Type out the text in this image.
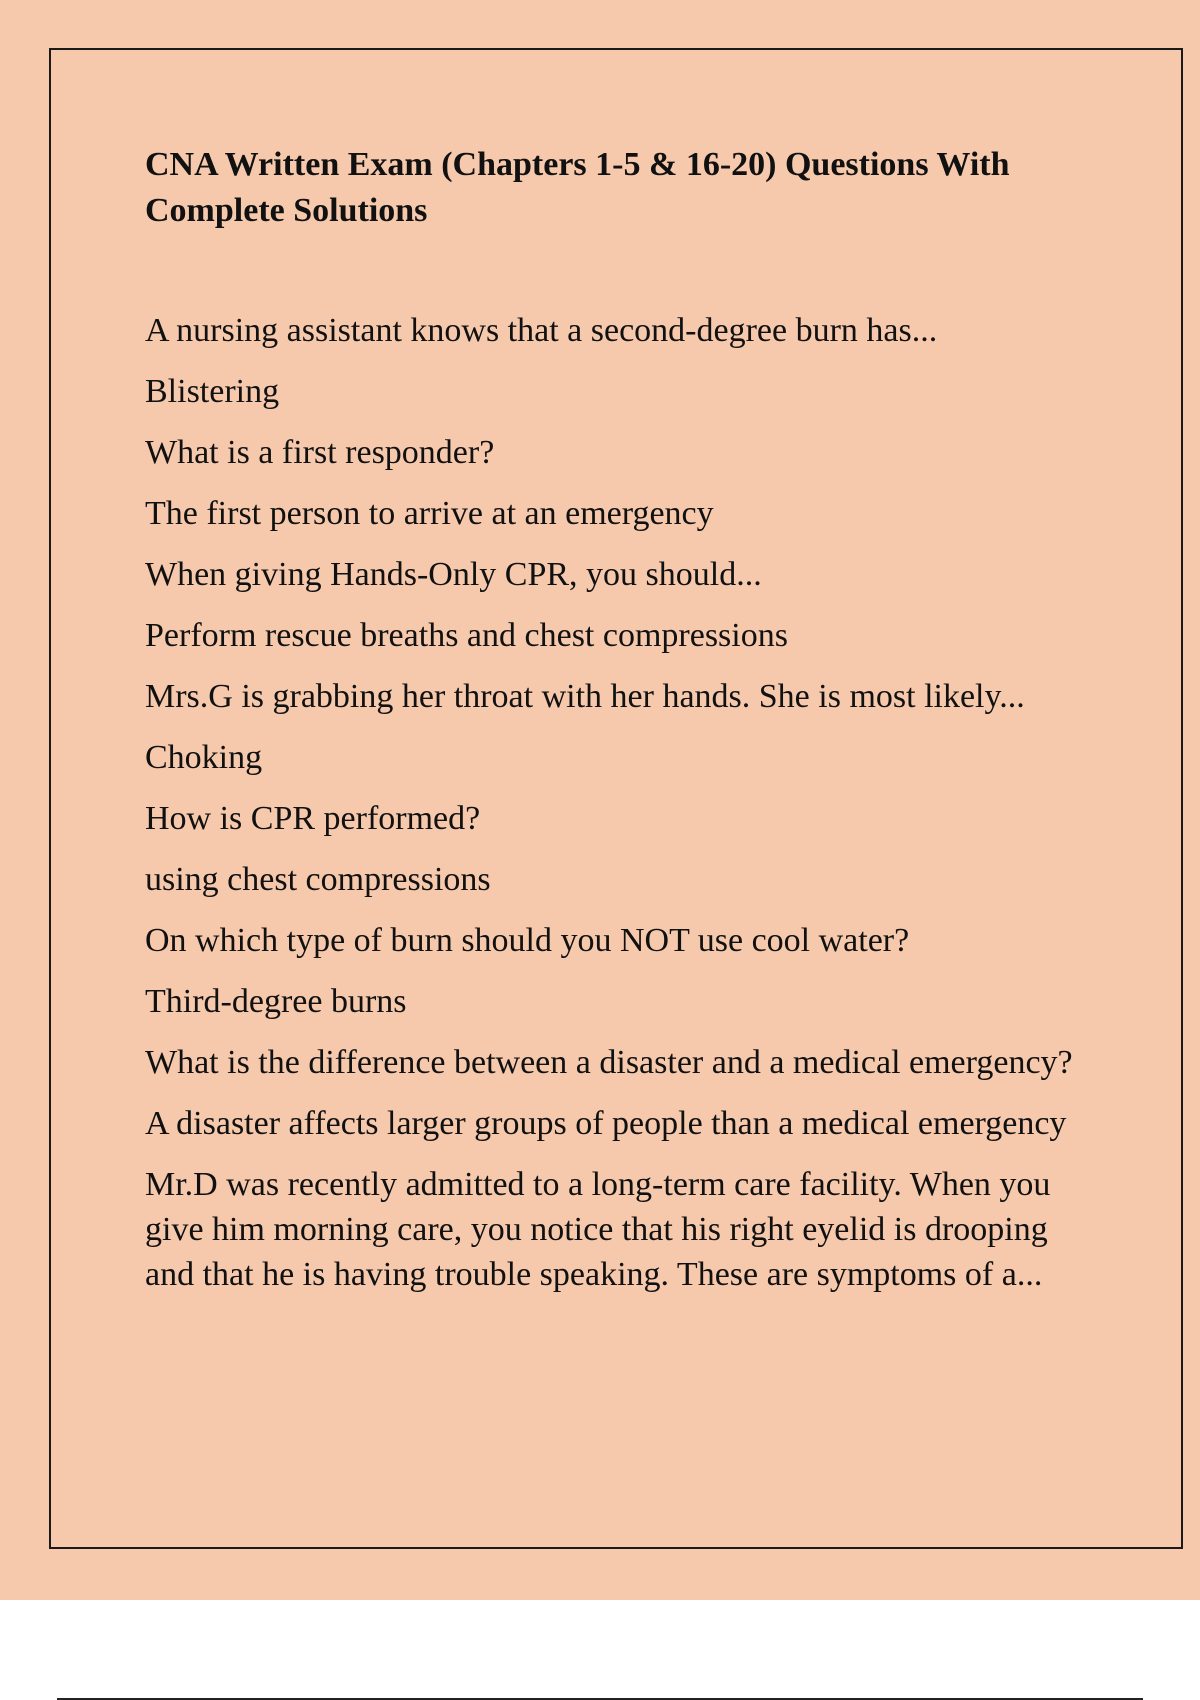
CNA Written Exam (Chapters 1-5 & 16-20) Questions With Complete Solutions
A nursing assistant knows that a second-degree burn has...
Blistering
What is a first responder?
The first person to arrive at an emergency
When giving Hands-Only CPR, you should...
Perform rescue breaths and chest compressions
Mrs.G is grabbing her throat with her hands. She is most likely...
Choking
How is CPR performed?
using chest compressions
On which type of burn should you NOT use cool water?
Third-degree burns
What is the difference between a disaster and a medical emergency?
A disaster affects larger groups of people than a medical emergency
Mr.D was recently admitted to a long-term care facility. When you give him morning care, you notice that his right eyelid is drooping and that he is having trouble speaking. These are symptoms of a...
